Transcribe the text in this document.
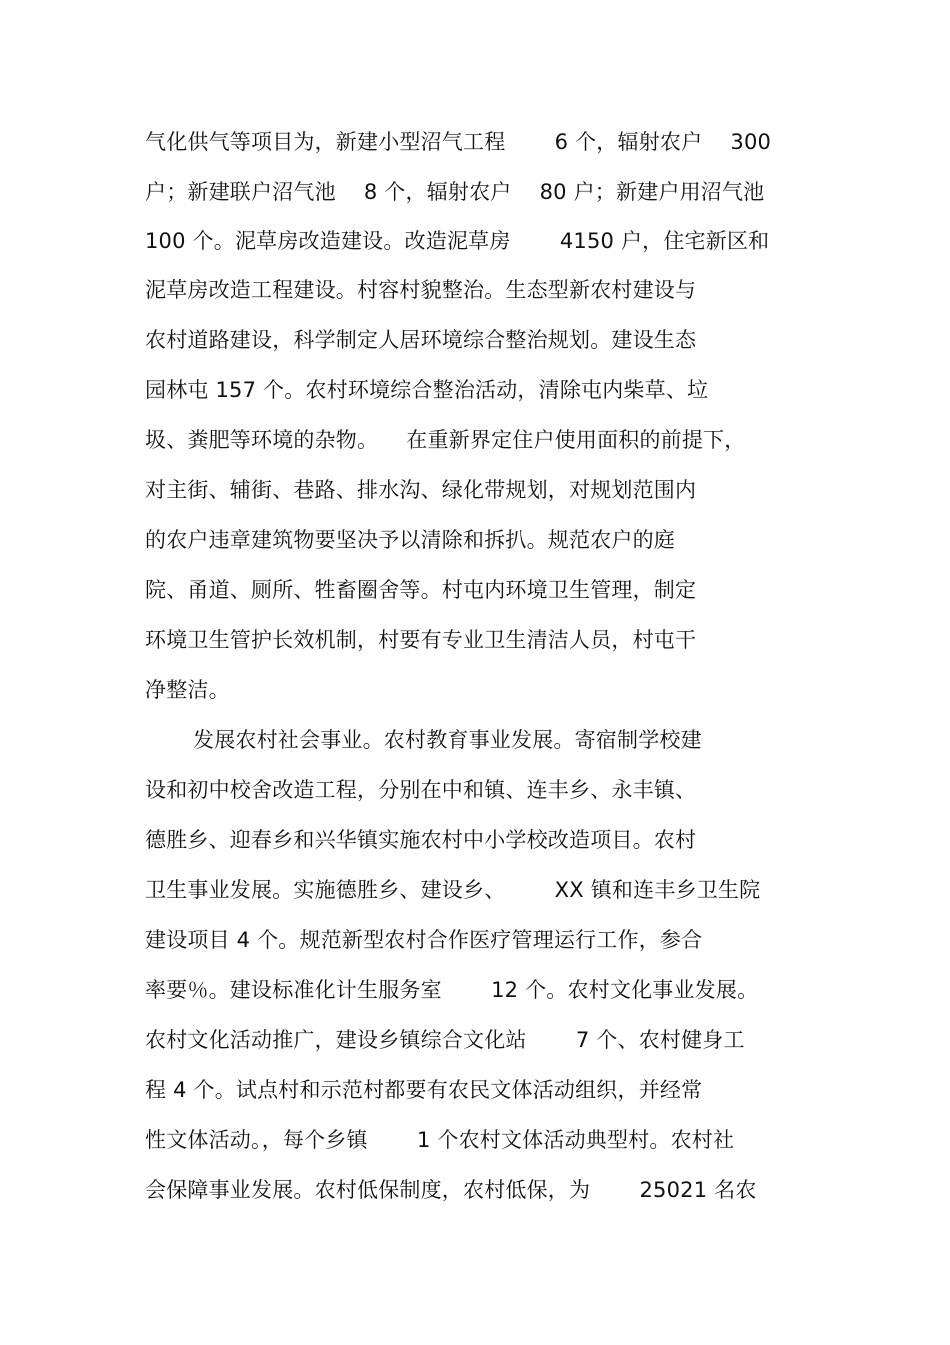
气化供气等项目为，新建小型沼气工程 　　6 个，辐射农户 　300
户；新建联户沼气池 　8 个，辐射农户 　80 户；新建户用沼气池
100 个。泥草房改造建设。改造泥草房 　　4150 户，住宅新区和
泥草房改造工程建设。村容村貌整治。生态型新农村建设与
农村道路建设，科学制定人居环境综合整治规划。建设生态
园林屯 157 个。农村环境综合整治活动，清除屯内柴草、垃
圾、粪肥等环境的杂物。 　在重新界定住户使用面积的前提下，
对主街、辅街、巷路、排水沟、绿化带规划，对规划范围内
的农户违章建筑物要坚决予以清除和拆扒。规范农户的庭
院、甬道、厕所、牲畜圈舍等。村屯内环境卫生管理，制定
环境卫生管护长效机制，村要有专业卫生清洁人员，村屯干
净整洁。
发展农村社会事业。农村教育事业发展。寄宿制学校建
设和初中校舍改造工程，分别在中和镇、连丰乡、永丰镇、
德胜乡、迎春乡和兴华镇实施农村中小学校改造项目。农村
卫生事业发展。实施德胜乡、建设乡、 　　XX 镇和连丰乡卫生院
建设项目 4 个。规范新型农村合作医疗管理运行工作，参合
率要％。建设标准化计生服务室 　　12 个。农村文化事业发展。
农村文化活动推广，建设乡镇综合文化站 　　7 个、农村健身工
程 4 个。试点村和示范村都要有农民文体活动组织，并经常
性文体活动。，每个乡镇 　　1 个农村文体活动典型村。农村社
会保障事业发展。农村低保制度，农村低保，为 　　25021 名农
